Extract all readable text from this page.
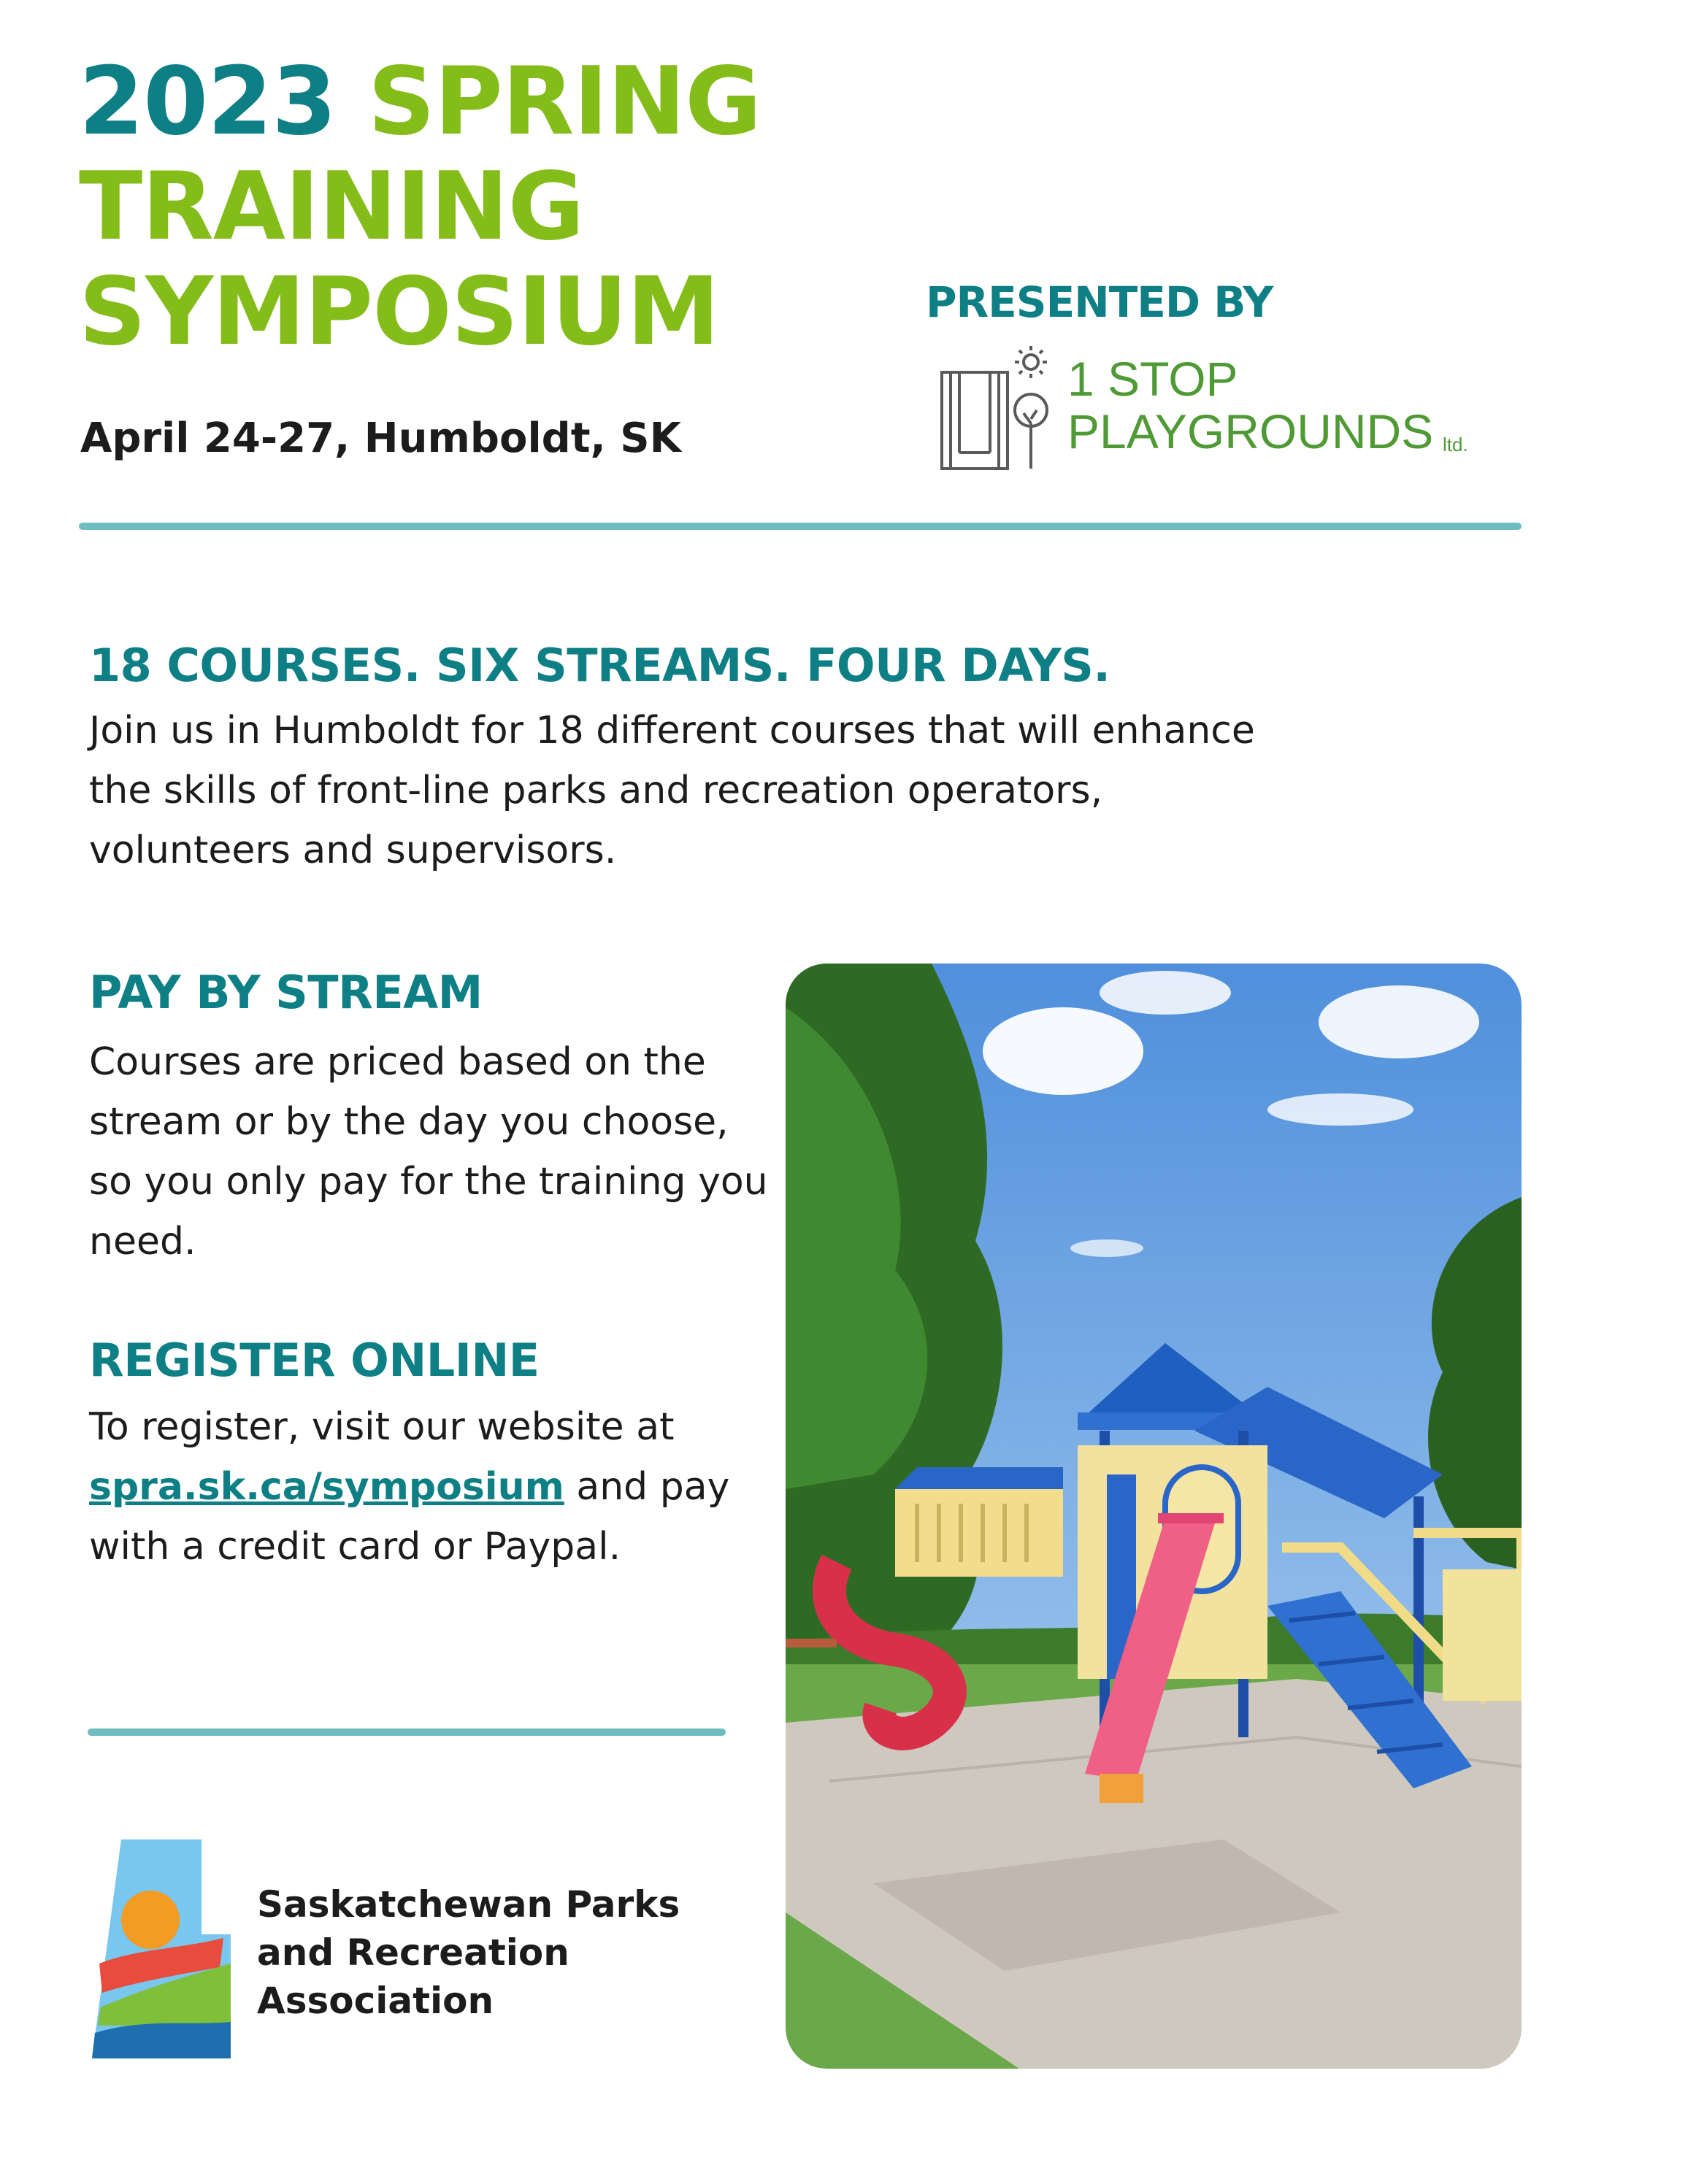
2023 SPRING
TRAINING
SYMPOSIUM
April 24-27, Humboldt, SK
PRESENTED BY
1 STOP
PLAYGROUNDS ltd.
18 COURSES. SIX STREAMS. FOUR DAYS.
Join us in Humboldt for 18 different courses that will enhance the skills of front-line parks and recreation operators, volunteers and supervisors.
PAY BY STREAM
Courses are priced based on the stream or by the day you choose, so you only pay for the training you need.
REGISTER ONLINE
To register, visit our website at spra.sk.ca/symposium and pay with a credit card or Paypal.
Saskatchewan Parks
and Recreation
Association
